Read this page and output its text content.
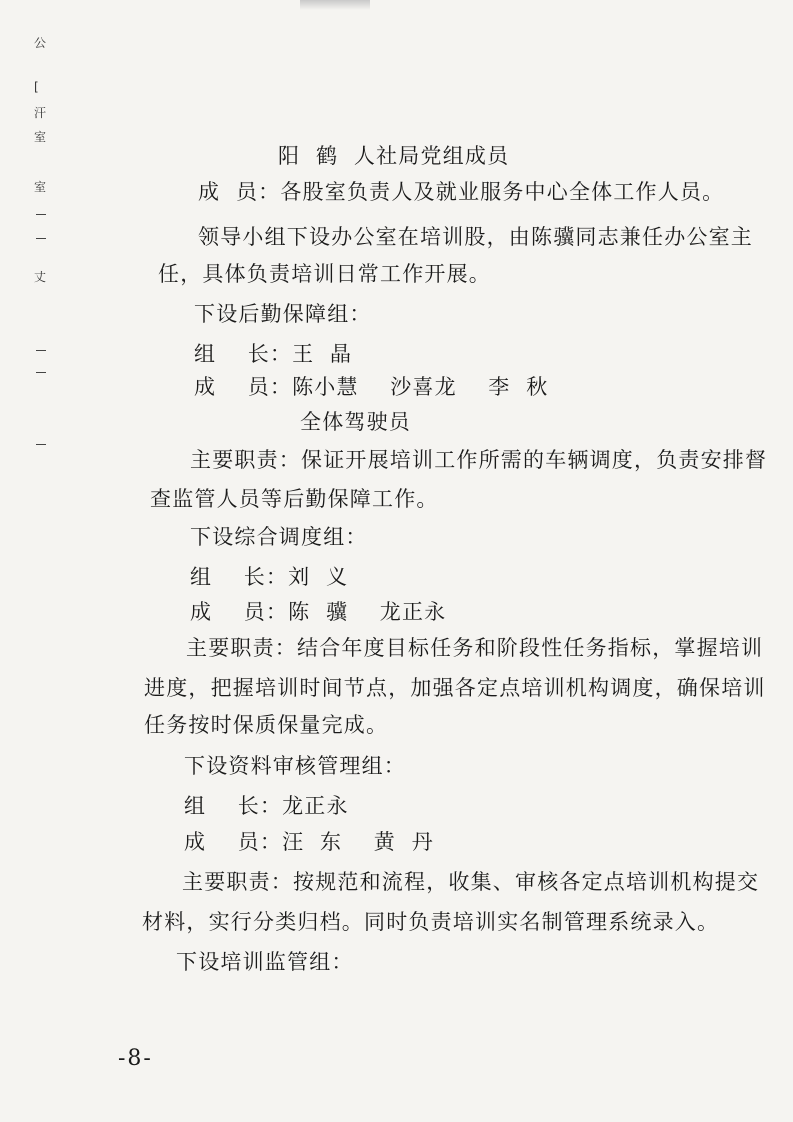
公
[
汗
室
室
丈
阳  鹤  人社局党组成员
成  员：各股室负责人及就业服务中心全体工作人员。
领导小组下设办公室在培训股，由陈骥同志兼任办公室主
任，具体负责培训日常工作开展。
下设后勤保障组：
组    长：王  晶
成    员：陈小慧    沙喜龙    李  秋
全体驾驶员
主要职责：保证开展培训工作所需的车辆调度，负责安排督
查监管人员等后勤保障工作。
下设综合调度组：
组    长：刘  义
成    员：陈  骥    龙正永
主要职责：结合年度目标任务和阶段性任务指标，掌握培训
进度，把握培训时间节点，加强各定点培训机构调度，确保培训
任务按时保质保量完成。
下设资料审核管理组：
组    长：龙正永
成    员：汪  东    黄  丹
主要职责：按规范和流程，收集、审核各定点培训机构提交
材料，实行分类归档。同时负责培训实名制管理系统录入。
下设培训监管组：
-8-
